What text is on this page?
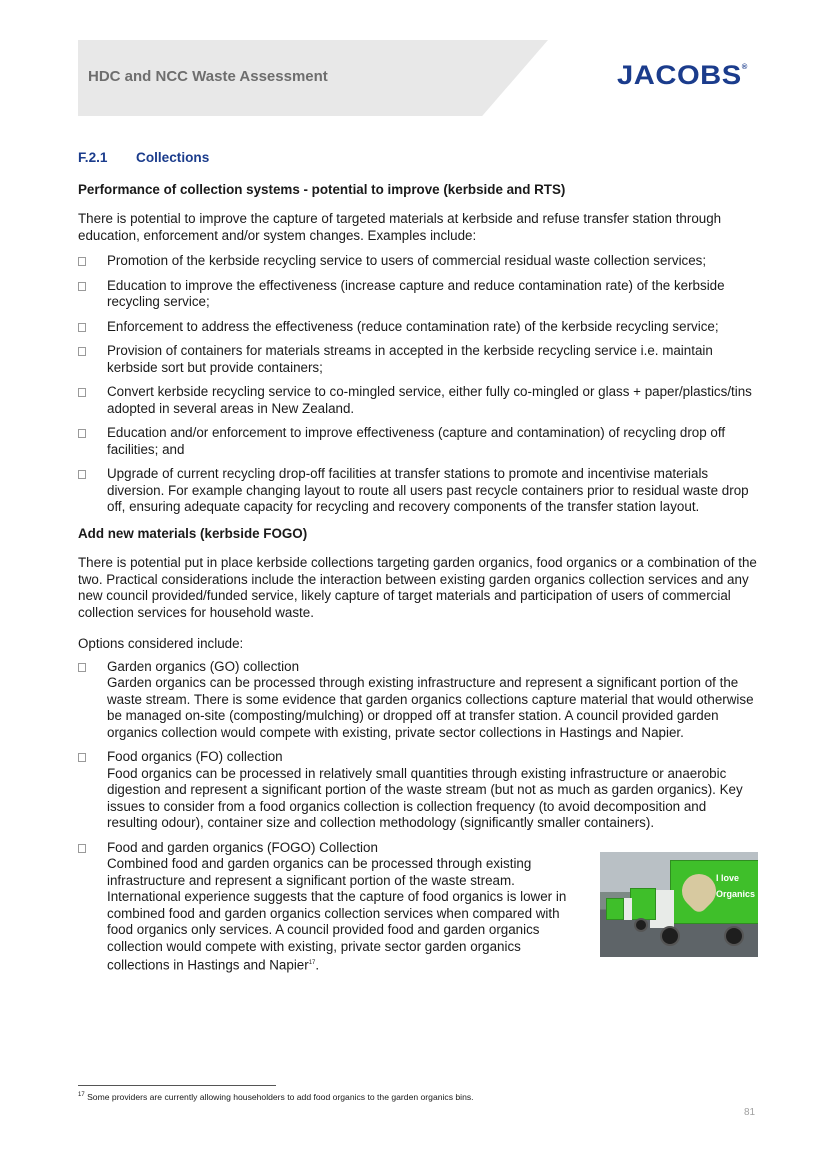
HDC and NCC Waste Assessment	JACOBS®
F.2.1	Collections
Performance of collection systems - potential to improve (kerbside and RTS)

There is potential to improve the capture of targeted materials at kerbside and refuse transfer station through education, enforcement and/or system changes. Examples include:

Promotion of the kerbside recycling service to users of commercial residual waste collection services;
Education to improve the effectiveness (increase capture and reduce contamination rate) of the kerbside recycling service;
Enforcement to address the effectiveness (reduce contamination rate) of the kerbside recycling service;
Provision of containers for materials streams in accepted in the kerbside recycling service i.e. maintain kerbside sort but provide containers;
Convert kerbside recycling service to co-mingled service, either fully co-mingled or glass + paper/plastics/tins adopted in several areas in New Zealand.
Education and/or enforcement to improve effectiveness (capture and contamination) of recycling drop off facilities; and
Upgrade of current recycling drop-off facilities at transfer stations to promote and incentivise materials diversion. For example changing layout to route all users past recycle containers prior to residual waste drop off, ensuring adequate capacity for recycling and recovery components of the transfer station layout.
Add new materials (kerbside FOGO)

There is potential put in place kerbside collections targeting garden organics, food organics or a combination of the two. Practical considerations include the interaction between existing garden organics collection services and any new council provided/funded service, likely capture of target materials and participation of users of commercial collection services for household waste.

Options considered include:

Garden organics (GO) collection
Garden organics can be processed through existing infrastructure and represent a significant portion of the waste stream. There is some evidence that garden organics collections capture material that would otherwise be managed on-site (composting/mulching) or dropped off at transfer station. A council provided garden organics collection would compete with existing, private sector collections in Hastings and Napier.
Food organics (FO) collection
Food organics can be processed in relatively small quantities through existing infrastructure or anaerobic digestion and represent a significant portion of the waste stream (but not as much as garden organics). Key issues to consider from a food organics collection is collection frequency (to avoid decomposition and resulting odour), container size and collection methodology (significantly smaller containers).
Food and garden organics (FOGO) Collection
Combined food and garden organics can be processed through existing infrastructure and represent a significant portion of the waste stream. International experience suggests that the capture of food organics is lower in combined food and garden organics collection services when compared with food organics only services. A council provided food and garden organics collection would compete with existing, private sector garden organics collections in Hastings and Napier$^{17}$.
I love Organics
$^{17}$ Some providers are currently allowing householders to add food organics to the garden organics bins.
81
